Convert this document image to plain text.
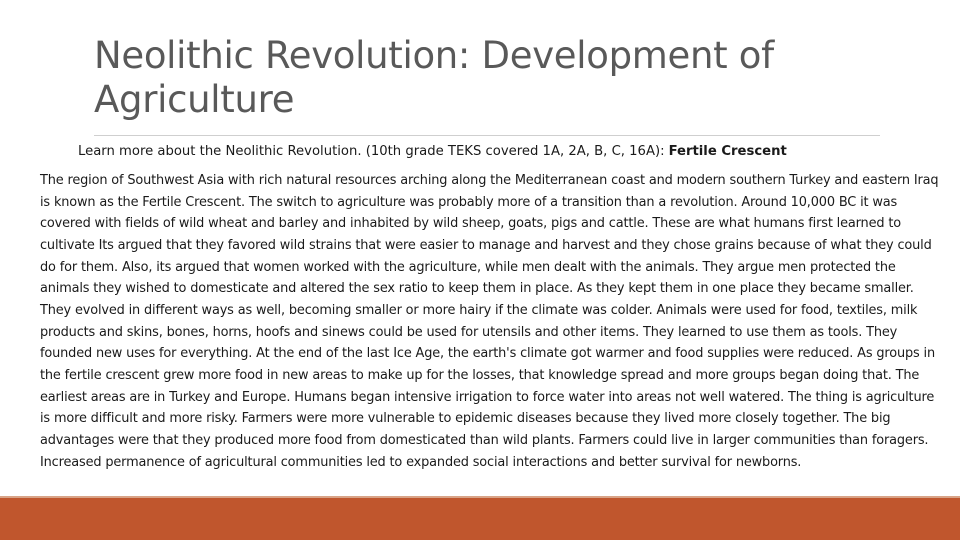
Neolithic Revolution: Development of Agriculture

Learn more about the Neolithic Revolution. (10th grade TEKS covered 1A, 2A, B, C, 16A): Fertile Crescent

The region of Southwest Asia with rich natural resources arching along the Mediterranean coast and modern southern Turkey and eastern Iraq is known as the Fertile Crescent. The switch to agriculture was probably more of a transition than a revolution. Around 10,000 BC it was covered with fields of wild wheat and barley and inhabited by wild sheep, goats, pigs and cattle. These are what humans first learned to cultivate Its argued that they favored wild strains that were easier to manage and harvest and they chose grains because of what they could do for them. Also, its argued that women worked with the agriculture, while men dealt with the animals. They argue men protected the animals they wished to domesticate and altered the sex ratio to keep them in place. As they kept them in one place they became smaller. They evolved in different ways as well, becoming smaller or more hairy if the climate was colder. Animals were used for food, textiles, milk products and skins, bones, horns, hoofs and sinews could be used for utensils and other items. They learned to use them as tools. They founded new uses for everything. At the end of the last Ice Age, the earth's climate got warmer and food supplies were reduced. As groups in the fertile crescent grew more food in new areas to make up for the losses, that knowledge spread and more groups began doing that. The earliest areas are in Turkey and Europe. Humans began intensive irrigation to force water into areas not well watered. The thing is agriculture is more difficult and more risky. Farmers were more vulnerable to epidemic diseases because they lived more closely together. The big advantages were that they produced more food from domesticated than wild plants. Farmers could live in larger communities than foragers. Increased permanence of agricultural communities led to expanded social interactions and better survival for newborns.
